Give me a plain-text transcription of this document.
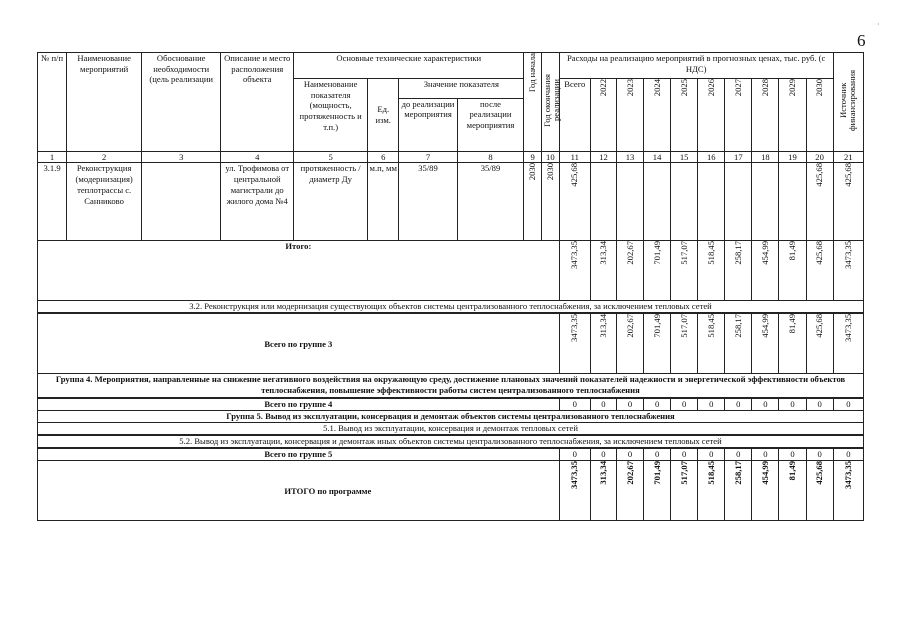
6
·
№ п/п	Наименование мероприятий	Обоснование необходимости (цель реализации	Описание и место расположения объекта	Основные технические характеристики				Год начала	Год окончания реализации	Расходы на реализацию мероприятий в прогнозных ценах, тыс. руб. (с НДС)										Источник финансирования
				Наименование показателя (мощность, протяженность и т.п.)	Ед. изм.	Значение показателя				Всего	2022	2023	2024	2025	2026	2027	2028	2029	2030	
						до реализации мероприятия	после реализации мероприятия													
1	2	3	4	5	6	7	8	9	10	11	12	13	14	15	16	17	18	19	20	21
3.1.9	Реконструкция (модернизация) теплотрассы с. Санниково		ул. Трофимова от центральной магистрали до жилого дома №4	протяженность /диаметр Ду	м.п, мм	35/89	35/89	2030	2030	425,68									425,68	425,68
Итого:										3473,35	313,34	202,67	701,49	517,07	518,45	258,17	454,99	81,49	425,68	3473,35
3.2. Реконструкция или модернизация существующих объектов системы централизованного теплоснабжения, за исключением тепловых сетей																				

Всего по группе 3										3473,35	313,34	202,67	701,49	517,07	518,45	258,17	454,99	81,49	425,68	3473,35
Группа 4. Мероприятия, направленные на снижение негативного воздействия на окружающую среду, достижение плановых значений показателей надежности и энергетической эффективности объектов теплоснабжения, повышение эффективности работы систем централизованного теплоснабжения																				

Всего по группе 4										0	0	0	0	0	0	0	0	0	0	0
Группа 5. Вывод из эксплуатации, консервация и демонтаж объектов системы централизованного теплоснабжения																				
5.1. Вывод из эксплуатации, консервация и демонтаж тепловых сетей																				

5.2. Вывод из эксплуатации, консервация и демонтаж иных объектов системы централизованного теплоснабжения, за исключением тепловых сетей																				

Всего по группе 5										0	0	0	0	0	0	0	0	0	0	0
ИТОГО по программе										3473,35	313,34	202,67	701,49	517,07	518,45	258,17	454,99	81,49	425,68	3473,35
